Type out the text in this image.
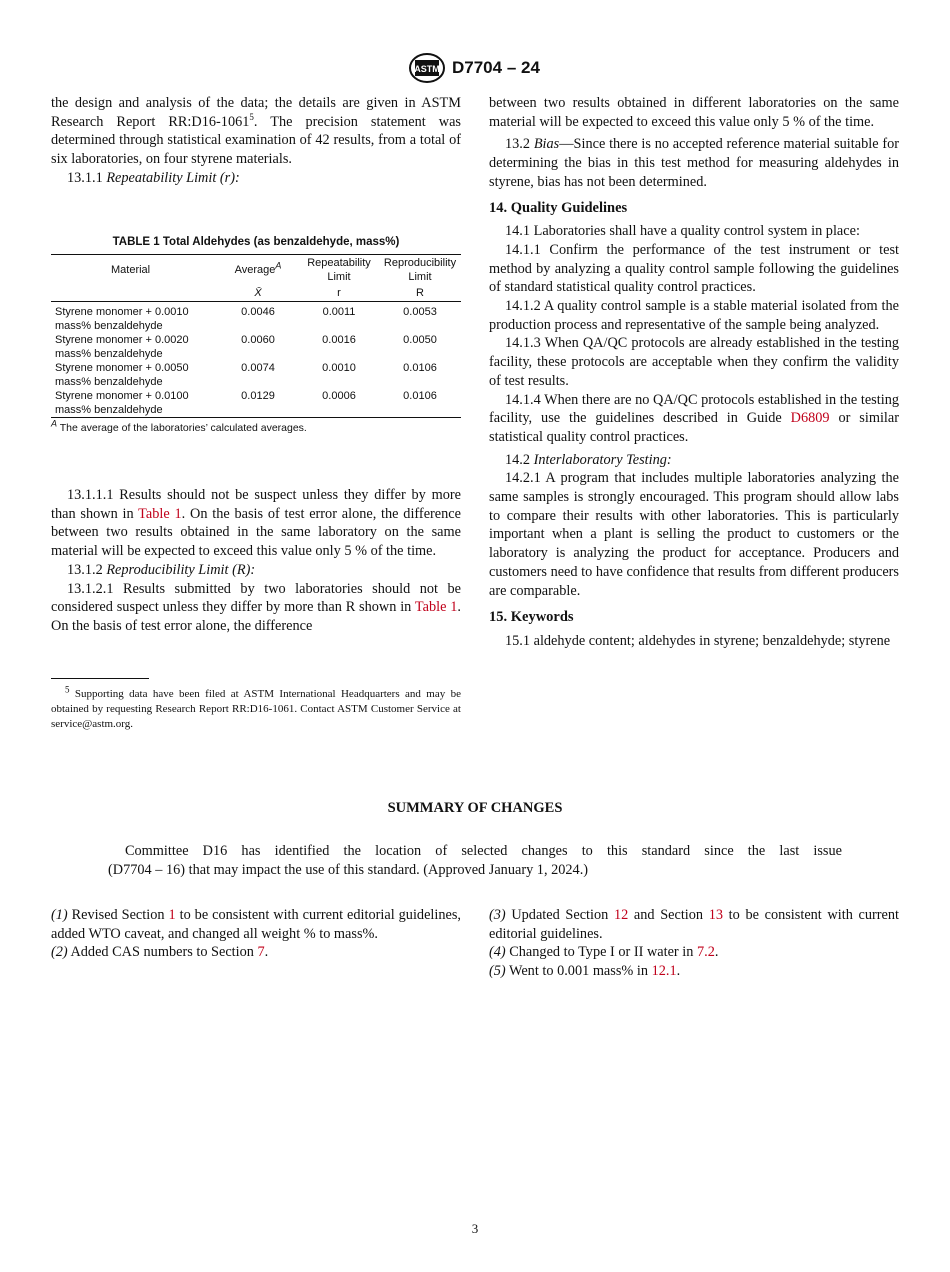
ASTM D7704 – 24

the design and analysis of the data; the details are given in ASTM Research Report RR:D16-1061$^5$. The precision statement was determined through statistical examination of 42 results, from a total of six laboratories, on four styrene materials.

13.1.1 Repeatability Limit (r):

TABLE 1 Total Aldehydes (as benzaldehyde, mass%)
Material	Average$^A$	Repeatability Limit	Reproducibility Limit
	X̄	r	R

Styrene monomer + 0.0010
mass% benzaldehyde	0.0046	0.0011	0.0053

Styrene monomer + 0.0020
mass% benzaldehyde	0.0060	0.0016	0.0050

Styrene monomer + 0.0050
mass% benzaldehyde	0.0074	0.0010	0.0106

Styrene monomer + 0.0100
mass% benzaldehyde	0.0129	0.0006	0.0106
A The average of the laboratories’ calculated averages.

13.1.1.1 Results should not be suspect unless they differ by more than shown in Table 1. On the basis of test error alone, the difference between two results obtained in the same laboratory on the same material will be expected to exceed this value only 5 % of the time.

13.1.2 Reproducibility Limit (R):

13.1.2.1 Results submitted by two laboratories should not be considered suspect unless they differ by more than R shown in Table 1. On the basis of test error alone, the difference

$^5$ Supporting data have been filed at ASTM International Headquarters and may be obtained by requesting Research Report RR:D16-1061. Contact ASTM Customer Service at service@astm.org.

between two results obtained in different laboratories on the same material will be expected to exceed this value only 5 % of the time.

13.2 Bias—Since there is no accepted reference material suitable for determining the bias in this test method for measuring aldehydes in styrene, bias has not been determined.

14. Quality Guidelines

14.1 Laboratories shall have a quality control system in place:

14.1.1 Confirm the performance of the test instrument or test method by analyzing a quality control sample following the guidelines of standard statistical quality control practices.

14.1.2 A quality control sample is a stable material isolated from the production process and representative of the sample being analyzed.

14.1.3 When QA/QC protocols are already established in the testing facility, these protocols are acceptable when they confirm the validity of test results.

14.1.4 When there are no QA/QC protocols established in the testing facility, use the guidelines described in Guide D6809 or similar statistical quality control practices.

14.2 Interlaboratory Testing:

14.2.1 A program that includes multiple laboratories analyzing the same samples is strongly encouraged. This program should allow labs to compare their results with other laboratories. This is particularly important when a plant is selling the product to customers or the laboratory is analyzing the product for acceptance. Producers and customers need to have confidence that results from different producers are comparable.

15. Keywords

15.1 aldehyde content; aldehydes in styrene; benzaldehyde; styrene

SUMMARY OF CHANGES
Committee D16 has identified the location of selected changes to this standard since the last issue
(D7704 – 16) that may impact the use of this standard. (Approved January 1, 2024.)

(1) Revised Section 1 to be consistent with current editorial guidelines, added WTO caveat, and changed all weight % to mass%.

(2) Added CAS numbers to Section 7.

(3) Updated Section 12 and Section 13 to be consistent with current editorial guidelines.

(4) Changed to Type I or II water in 7.2.

(5) Went to 0.001 mass% in 12.1.

3
